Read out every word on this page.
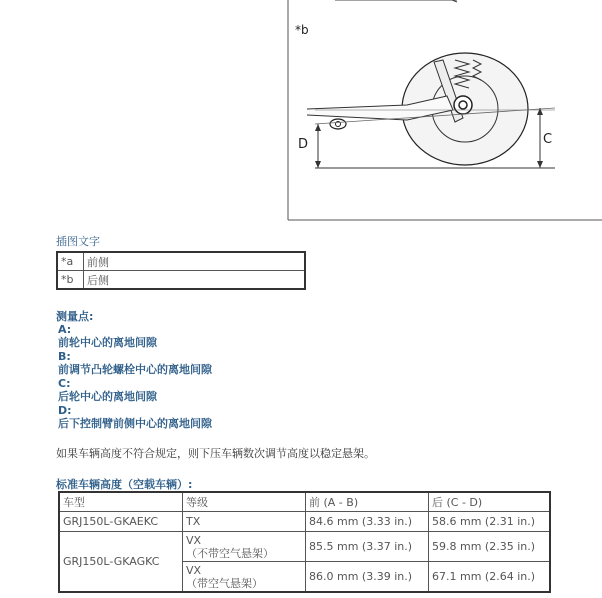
*b
D	C
插图文字
*a	前侧
*b	后侧
测量点:
A:
前轮中心的离地间隙
B:
前调节凸轮螺栓中心的离地间隙
C:
后轮中心的离地间隙
D:
后下控制臂前侧中心的离地间隙
如果车辆高度不符合规定，则下压车辆数次调节高度以稳定悬架。
标准车辆高度（空载车辆）:
车型	等级	前 (A - B)	后 (C - D)
GRJ150L-GKAEKC	TX	84.6 mm (3.33 in.)	58.6 mm (2.31 in.)
GRJ150L-GKAGKC	VX
（不带空气悬架）	85.5 mm (3.37 in.)	59.8 mm (2.35 in.)

	VX
（带空气悬架）	86.0 mm (3.39 in.)	67.1 mm (2.64 in.)
